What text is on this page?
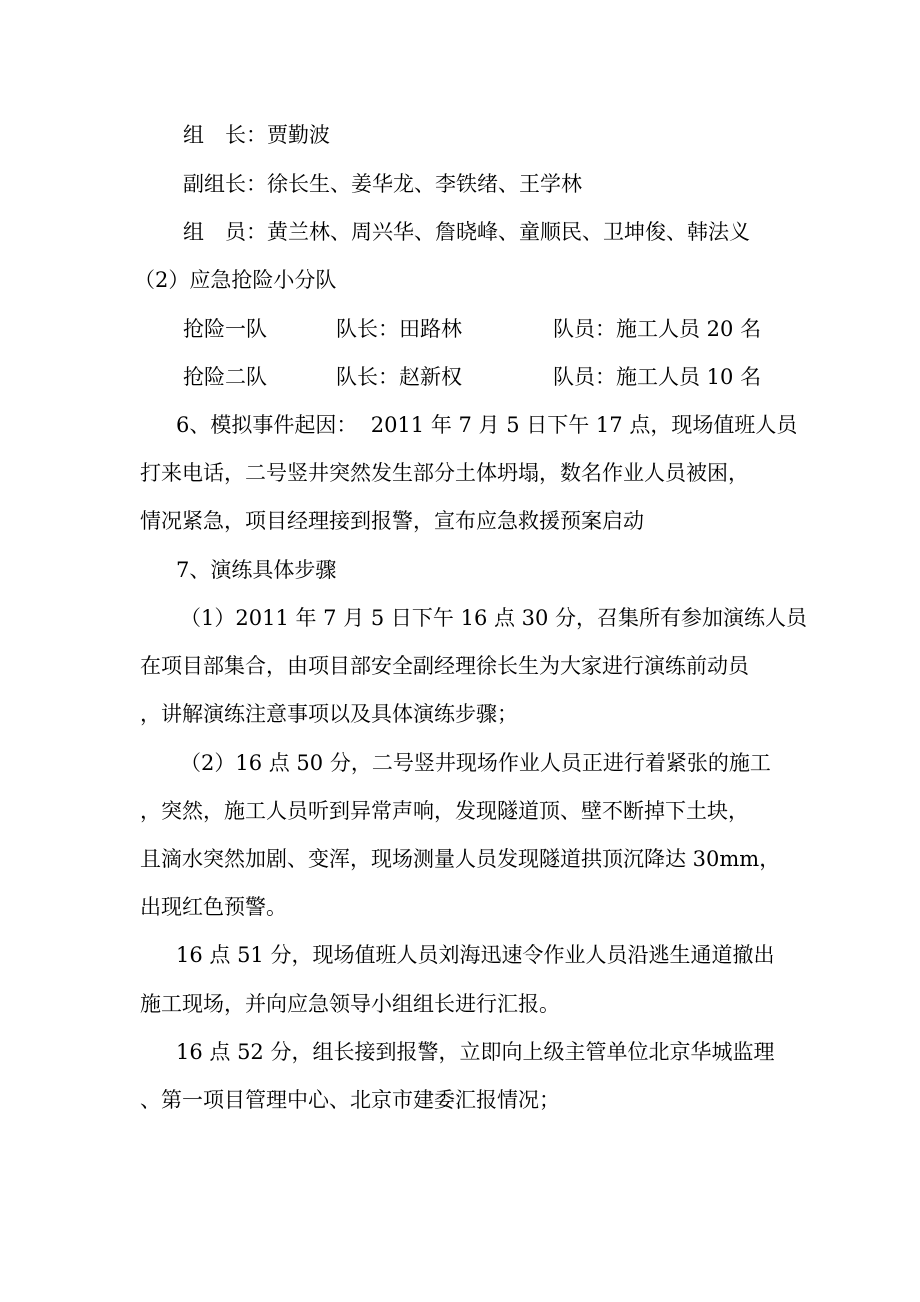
组　长：贾勤波
副组长：徐长生、姜华龙、李铁绪、王学林
组　员：黄兰林、周兴华、詹晓峰、童顺民、卫坤俊、韩法义
（2）应急抢险小分队
抢险一队	队长：田路林	队员：施工人员 20 名
抢险二队	队长：赵新权	队员：施工人员 10 名
6、模拟事件起因：  2011 年 7 月 5 日下午 17 点，现场值班人员
打来电话，二号竖井突然发生部分土体坍塌，数名作业人员被困，
情况紧急，项目经理接到报警，宣布应急救援预案启动
7、演练具体步骤
（1）2011 年 7 月 5 日下午 16 点 30 分，召集所有参加演练人员
在项目部集合，由项目部安全副经理徐长生为大家进行演练前动员
，讲解演练注意事项以及具体演练步骤；
（2）16 点 50 分，二号竖井现场作业人员正进行着紧张的施工
，突然，施工人员听到异常声响，发现隧道顶、壁不断掉下土块，
且滴水突然加剧、变浑，现场测量人员发现隧道拱顶沉降达 30mm，
出现红色预警。
16 点 51 分，现场值班人员刘海迅速令作业人员沿逃生通道撤出
施工现场，并向应急领导小组组长进行汇报。
16 点 52 分，组长接到报警，立即向上级主管单位北京华城监理
、第一项目管理中心、北京市建委汇报情况；
